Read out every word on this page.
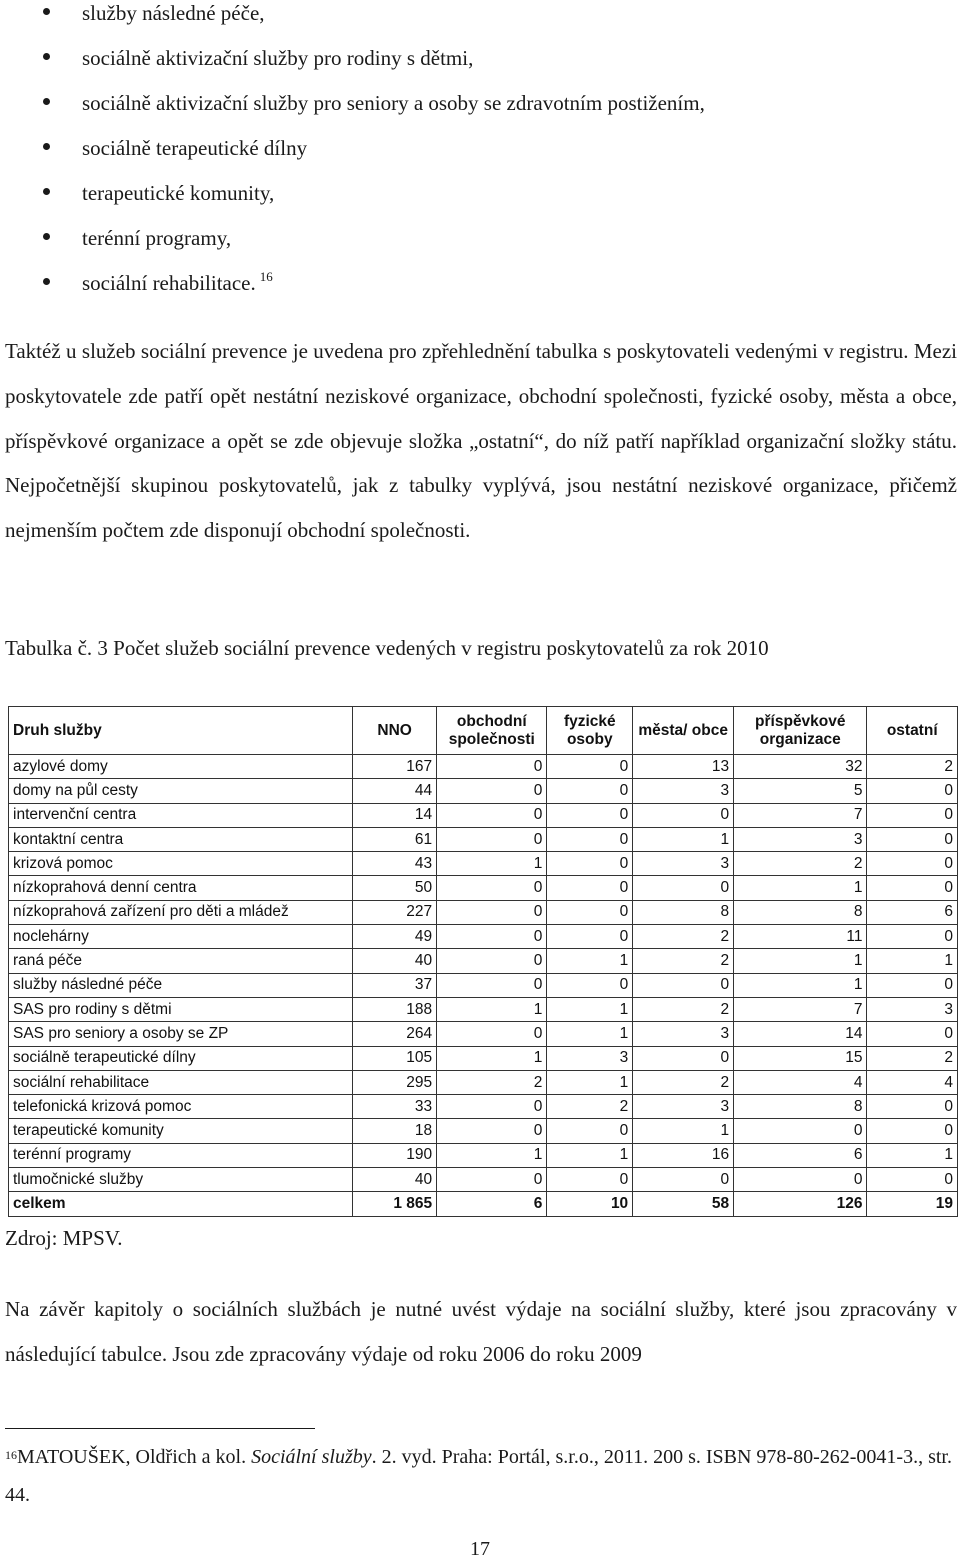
služby následné péče,
sociálně aktivizační služby pro rodiny s dětmi,
sociálně aktivizační služby pro seniory a osoby se zdravotním postižením,
sociálně terapeutické dílny
terapeutické komunity,
terénní programy,
sociální rehabilitace. $^{16}$

Taktéž u služeb sociální prevence je uvedena pro zpřehlednění tabulka s poskytovateli vedenými v registru. Mezi poskytovatele zde patří opět nestátní neziskové organizace, obchodní společnosti, fyzické osoby, města a obce, příspěvkové organizace a opět se zde objevuje složka „ostatní“, do níž patří například organizační složky státu. Nejpočetnější skupinou poskytovatelů, jak z tabulky vyplývá, jsou nestátní neziskové organizace, přičemž nejmenším počtem zde disponují obchodní společnosti.

Tabulka č. 3 Počet služeb sociální prevence vedených v registru poskytovatelů za rok 2010

Druh služby	NNO	obchodní společnosti	fyzické osoby	města/ obce	příspěvkové organizace	ostatní
azylové domy	167	0	0	13	32	2
domy na půl cesty	44	0	0	3	5	0
intervenční centra	14	0	0	0	7	0
kontaktní centra	61	0	0	1	3	0
krizová pomoc	43	1	0	3	2	0
nízkoprahová denní centra	50	0	0	0	1	0
nízkoprahová zařízení pro děti a mládež	227	0	0	8	8	6
noclehárny	49	0	0	2	11	0
raná péče	40	0	1	2	1	1
služby následné péče	37	0	0	0	1	0
SAS pro rodiny s dětmi	188	1	1	2	7	3
SAS pro seniory a osoby se ZP	264	0	1	3	14	0
sociálně terapeutické dílny	105	1	3	0	15	2
sociální rehabilitace	295	2	1	2	4	4
telefonická krizová pomoc	33	0	2	3	8	0
terapeutické komunity	18	0	0	1	0	0
terénní programy	190	1	1	16	6	1
tlumočnické služby	40	0	0	0	0	0
celkem	1 865	6	10	58	126	19

Zdroj: MPSV.

Na závěr kapitoly o sociálních službách je nutné uvést výdaje na sociální služby, které jsou zpracovány v následující tabulce. Jsou zde zpracovány výdaje od roku 2006 do roku 2009

$^{16}$MATOUŠEK, Oldřich a kol. Sociální služby. 2. vyd. Praha: Portál, s.r.o., 2011. 200 s. ISBN 978-80-262-0041-3., str. 44.

17
